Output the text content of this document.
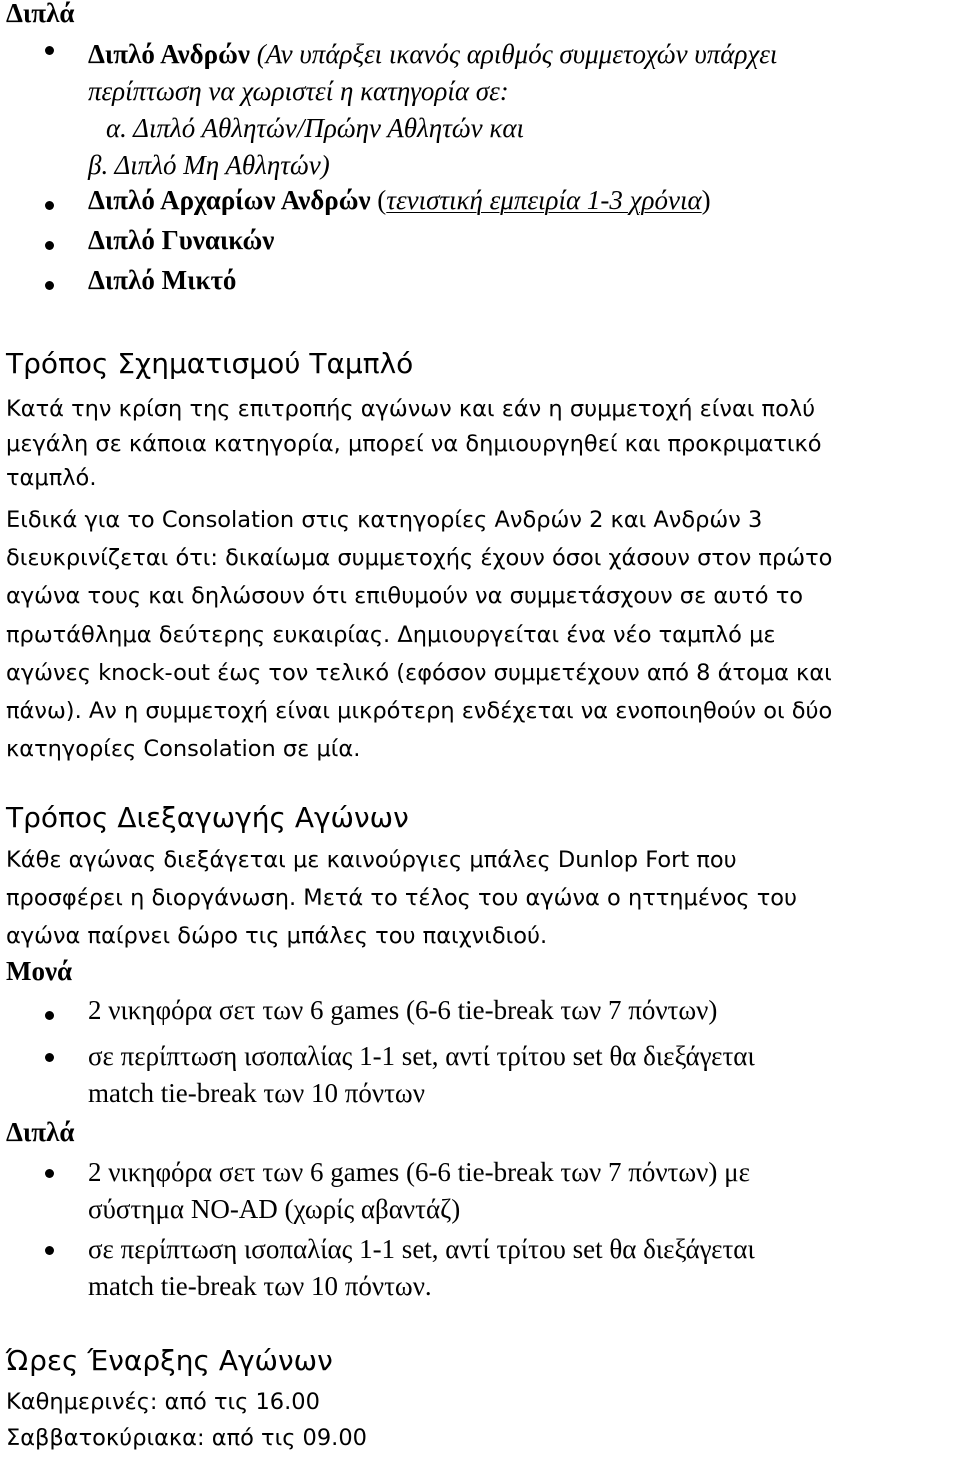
Διπλά
Διπλό Ανδρών (Αν υπάρξει ικανός αριθμός συμμετοχών υπάρχει
περίπτωση να χωριστεί η κατηγορία σε:
α. Διπλό Αθλητών/Πρώην Αθλητών και
β. Διπλό Μη Αθλητών)
Διπλό Αρχαρίων Ανδρών (τενιστική εμπειρία 1-3 χρόνια)
Διπλό Γυναικών
Διπλό Μικτό
Τρόπος Σχηματισμού Ταμπλό
Κατά την κρίση της επιτροπής αγώνων και εάν η συμμετοχή είναι πολύ
μεγάλη σε κάποια κατηγορία, μπορεί να δημιουργηθεί και προκριματικό
ταμπλό.
Ειδικά για το Consolation στις κατηγορίες Ανδρών 2 και Ανδρών 3
διευκρινίζεται ότι: δικαίωμα συμμετοχής έχουν όσοι χάσουν στον πρώτο
αγώνα τους και δηλώσουν ότι επιθυμούν να συμμετάσχουν σε αυτό το
πρωτάθλημα δεύτερης ευκαιρίας. Δημιουργείται ένα νέο ταμπλό με
αγώνες knock-out έως τον τελικό (εφόσον συμμετέχουν από 8 άτομα και
πάνω). Αν η συμμετοχή είναι μικρότερη ενδέχεται να ενοποιηθούν οι δύο
κατηγορίες Consolation σε μία.
Τρόπος Διεξαγωγής Αγώνων
Κάθε αγώνας διεξάγεται με καινούργιες μπάλες Dunlop Fort που
προσφέρει η διοργάνωση. Μετά το τέλος του αγώνα ο ηττημένος του
αγώνα παίρνει δώρο τις μπάλες του παιχνιδιού.
Μονά
2 νικηφόρα σετ των 6 games (6-6 tie-break των 7 πόντων)
σε περίπτωση ισοπαλίας 1-1 set, αντί τρίτου set θα διεξάγεται
match tie-break των 10 πόντων
Διπλά
2 νικηφόρα σετ των 6 games (6-6 tie-break των 7 πόντων) με
σύστημα NO-AD (χωρίς αβαντάζ)
σε περίπτωση ισοπαλίας 1-1 set, αντί τρίτου set θα διεξάγεται
match tie-break των 10 πόντων.
Ώρες Έναρξης Αγώνων
Καθημερινές: από τις 16.00
Σαββατοκύριακα: από τις 09.00
